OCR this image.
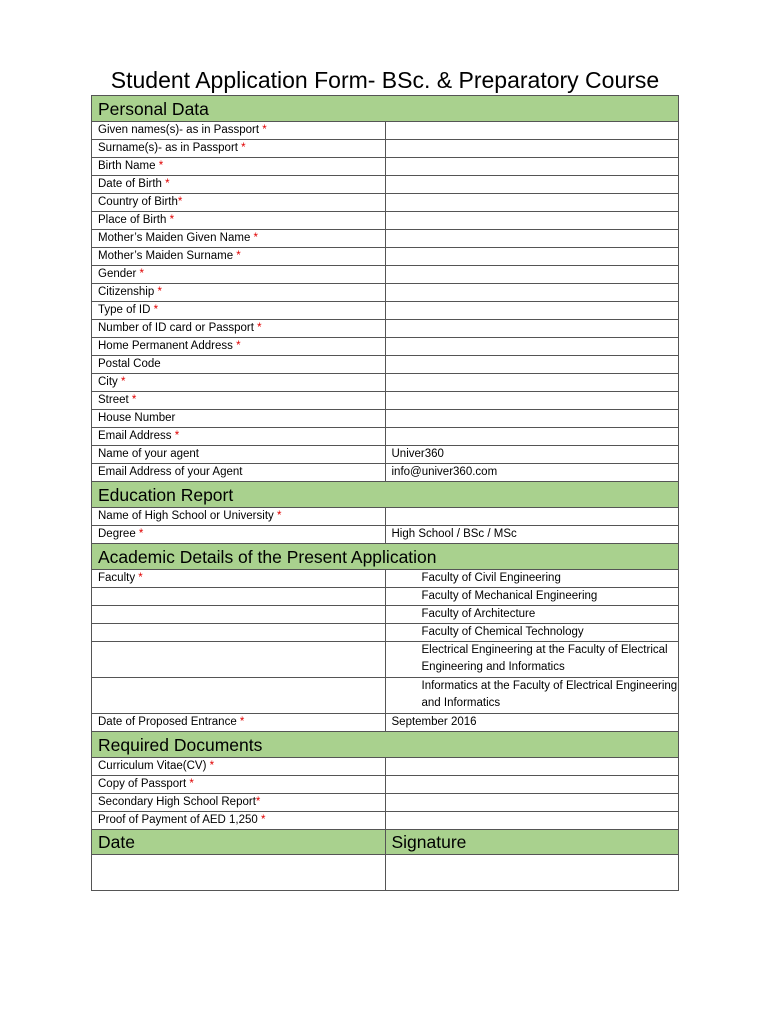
Student Application Form- BSc. & Preparatory Course
Personal Data	
Given names(s)- as in Passport *	
Surname(s)- as in Passport *	
Birth Name *	
Date of Birth *	
Country of Birth*	
Place of Birth *	
Mother’s Maiden Given Name *	
Mother’s Maiden Surname *	
Gender *	
Citizenship *	
Type of ID *	
Number of ID card or Passport *	
Home Permanent Address *	
Postal Code	
City *	
Street *	
House Number	
Email Address *	
Name of your agent	Univer360
Email Address of your Agent	info@univer360.com
Education Report	
Name of High School or University *	
Degree *	High School / BSc / MSc
Academic Details of the Present Application	
Faculty *	Faculty of Civil Engineering
	Faculty of Mechanical Engineering
	Faculty of Architecture
	Faculty of Chemical Technology
	Electrical Engineering at the Faculty of Electrical Engineering and Informatics
	Informatics at the Faculty of Electrical Engineering and Informatics
Date of Proposed Entrance *	September 2016
Required Documents	
Curriculum Vitae(CV) *	
Copy of Passport *	
Secondary High School Report*	
Proof of Payment of AED 1,250 *	
Date	Signature
